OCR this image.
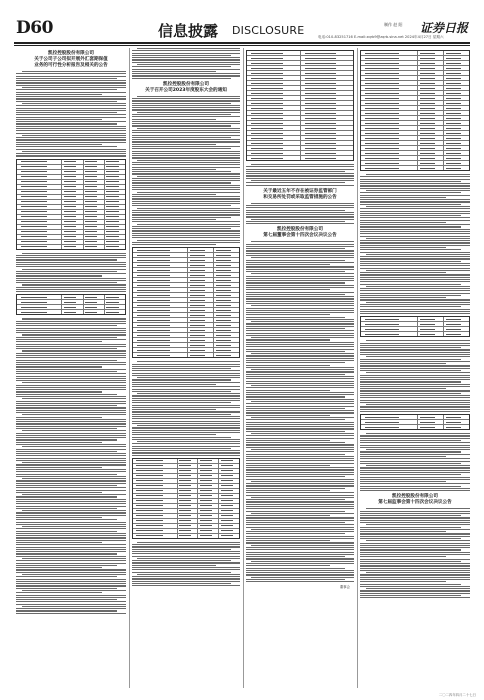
D60	信息披露 DISCLOSURE	制作 赵 阳 证券日报
电话:010-83251716 E-mail:zqrb9@zqrb.sina.net 2024年4月27日 星期六
凯拉控股股份有限公司
关于公司子公司拟开展外汇套期保值
业务的可行性分析报告及相关的公告
凯拉控股股份有限公司
关于召开公司2023年度股东大会的通知
关于最近五年不存在被证券监管部门
和交易所处罚或采取监管措施的公告
凯拉控股股份有限公司
第七届董事会第十四次会议决议公告
董事会
凯拉控股股份有限公司
第七届监事会第十四次会议决议公告
二〇二四年四月二十七日
